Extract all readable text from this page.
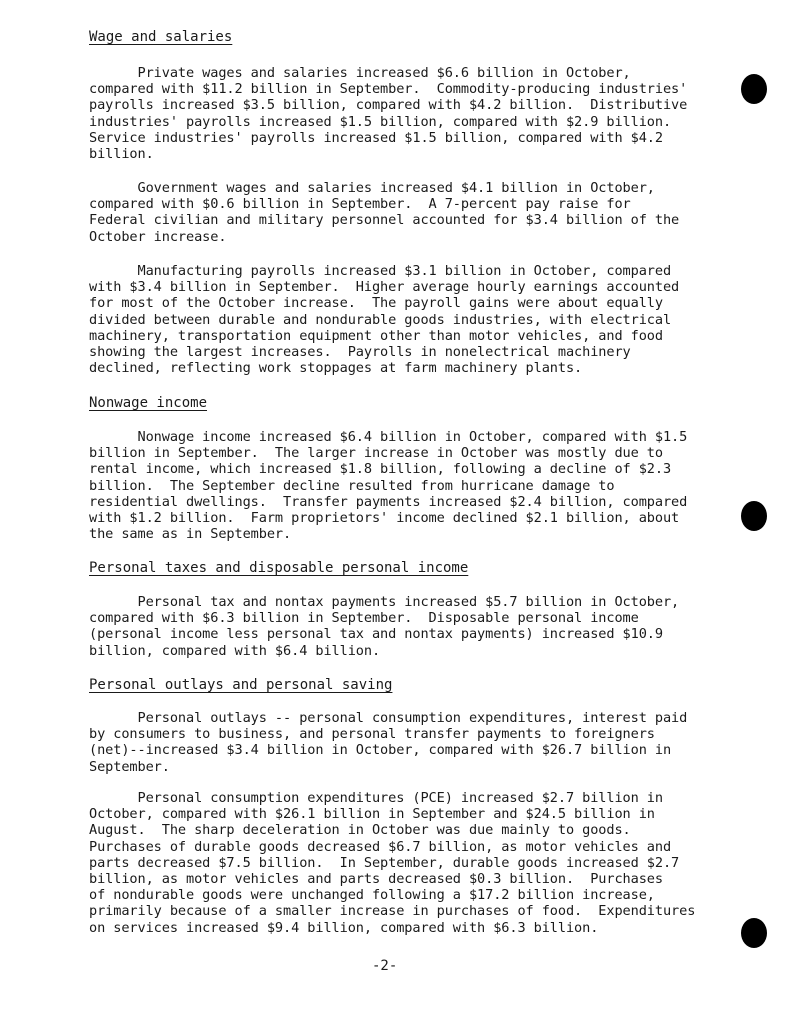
Wage and salaries
Private wages and salaries increased $6.6 billion in October,
compared with $11.2 billion in September.  Commodity-producing industries'
payrolls increased $3.5 billion, compared with $4.2 billion.  Distributive
industries' payrolls increased $1.5 billion, compared with $2.9 billion.
Service industries' payrolls increased $1.5 billion, compared with $4.2
billion.
Government wages and salaries increased $4.1 billion in October,
compared with $0.6 billion in September.  A 7-percent pay raise for
Federal civilian and military personnel accounted for $3.4 billion of the
October increase.
Manufacturing payrolls increased $3.1 billion in October, compared
with $3.4 billion in September.  Higher average hourly earnings accounted
for most of the October increase.  The payroll gains were about equally
divided between durable and nondurable goods industries, with electrical
machinery, transportation equipment other than motor vehicles, and food
showing the largest increases.  Payrolls in nonelectrical machinery
declined, reflecting work stoppages at farm machinery plants.
Nonwage income
Nonwage income increased $6.4 billion in October, compared with $1.5
billion in September.  The larger increase in October was mostly due to
rental income, which increased $1.8 billion, following a decline of $2.3
billion.  The September decline resulted from hurricane damage to
residential dwellings.  Transfer payments increased $2.4 billion, compared
with $1.2 billion.  Farm proprietors' income declined $2.1 billion, about
the same as in September.
Personal taxes and disposable personal income
Personal tax and nontax payments increased $5.7 billion in October,
compared with $6.3 billion in September.  Disposable personal income
(personal income less personal tax and nontax payments) increased $10.9
billion, compared with $6.4 billion.
Personal outlays and personal saving
Personal outlays -- personal consumption expenditures, interest paid
by consumers to business, and personal transfer payments to foreigners
(net)--increased $3.4 billion in October, compared with $26.7 billion in
September.
Personal consumption expenditures (PCE) increased $2.7 billion in
October, compared with $26.1 billion in September and $24.5 billion in
August.  The sharp deceleration in October was due mainly to goods.
Purchases of durable goods decreased $6.7 billion, as motor vehicles and
parts decreased $7.5 billion.  In September, durable goods increased $2.7
billion, as motor vehicles and parts decreased $0.3 billion.  Purchases
of nondurable goods were unchanged following a $17.2 billion increase,
primarily because of a smaller increase in purchases of food.  Expenditures
on services increased $9.4 billion, compared with $6.3 billion.
-2-
